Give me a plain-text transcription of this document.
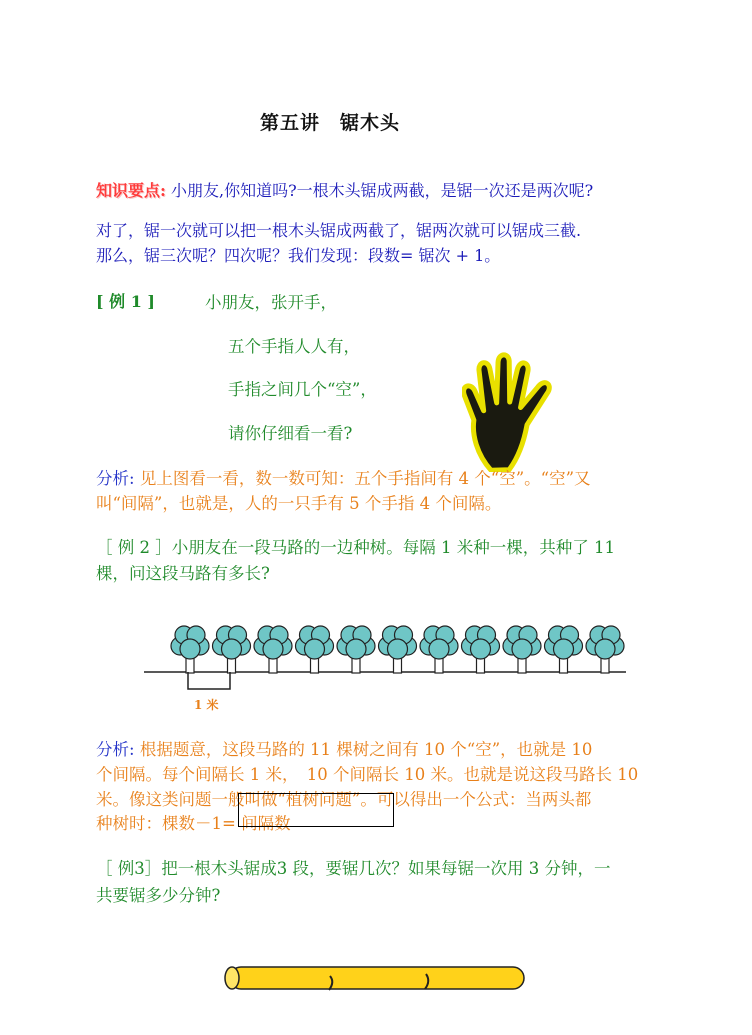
第五讲　锯木头
知识要点: 小朋友,你知道吗?一根木头锯成两截，是锯一次还是两次呢?
对了，锯一次就可以把一根木头锯成两截了，锯两次就可以锯成三截.
那么，锯三次呢？四次呢？我们发现：段数= 锯次 + 1。
[ 例 1 ]	小朋友，张开手，
五个手指人人有，
手指之间几个“空”，
请你仔细看一看?
分析: 见上图看一看，数一数可知：五个手指间有 4 个“空”。“空”又
叫“间隔”，也就是，人的一只手有 5 个手指 4 个间隔。
［ 例 2 ］小朋友在一段马路的一边种树。每隔 1 米种一棵，共种了 11
棵，问这段马路有多长?
1 米
分析: 根据题意，这段马路的 11 棵树之间有 10 个“空”，也就是 10
个间隔。每个间隔长 1 米，　10 个间隔长 10 米。也就是说这段马路长 10
米。像这类问题一般叫做“植树问题”。可以得出一个公式：当两头都
种树时：棵数－1= 间隔数
［ 例3］把一根木头锯成3 段，要锯几次？如果每锯一次用 3 分钟，一
共要锯多少分钟?
